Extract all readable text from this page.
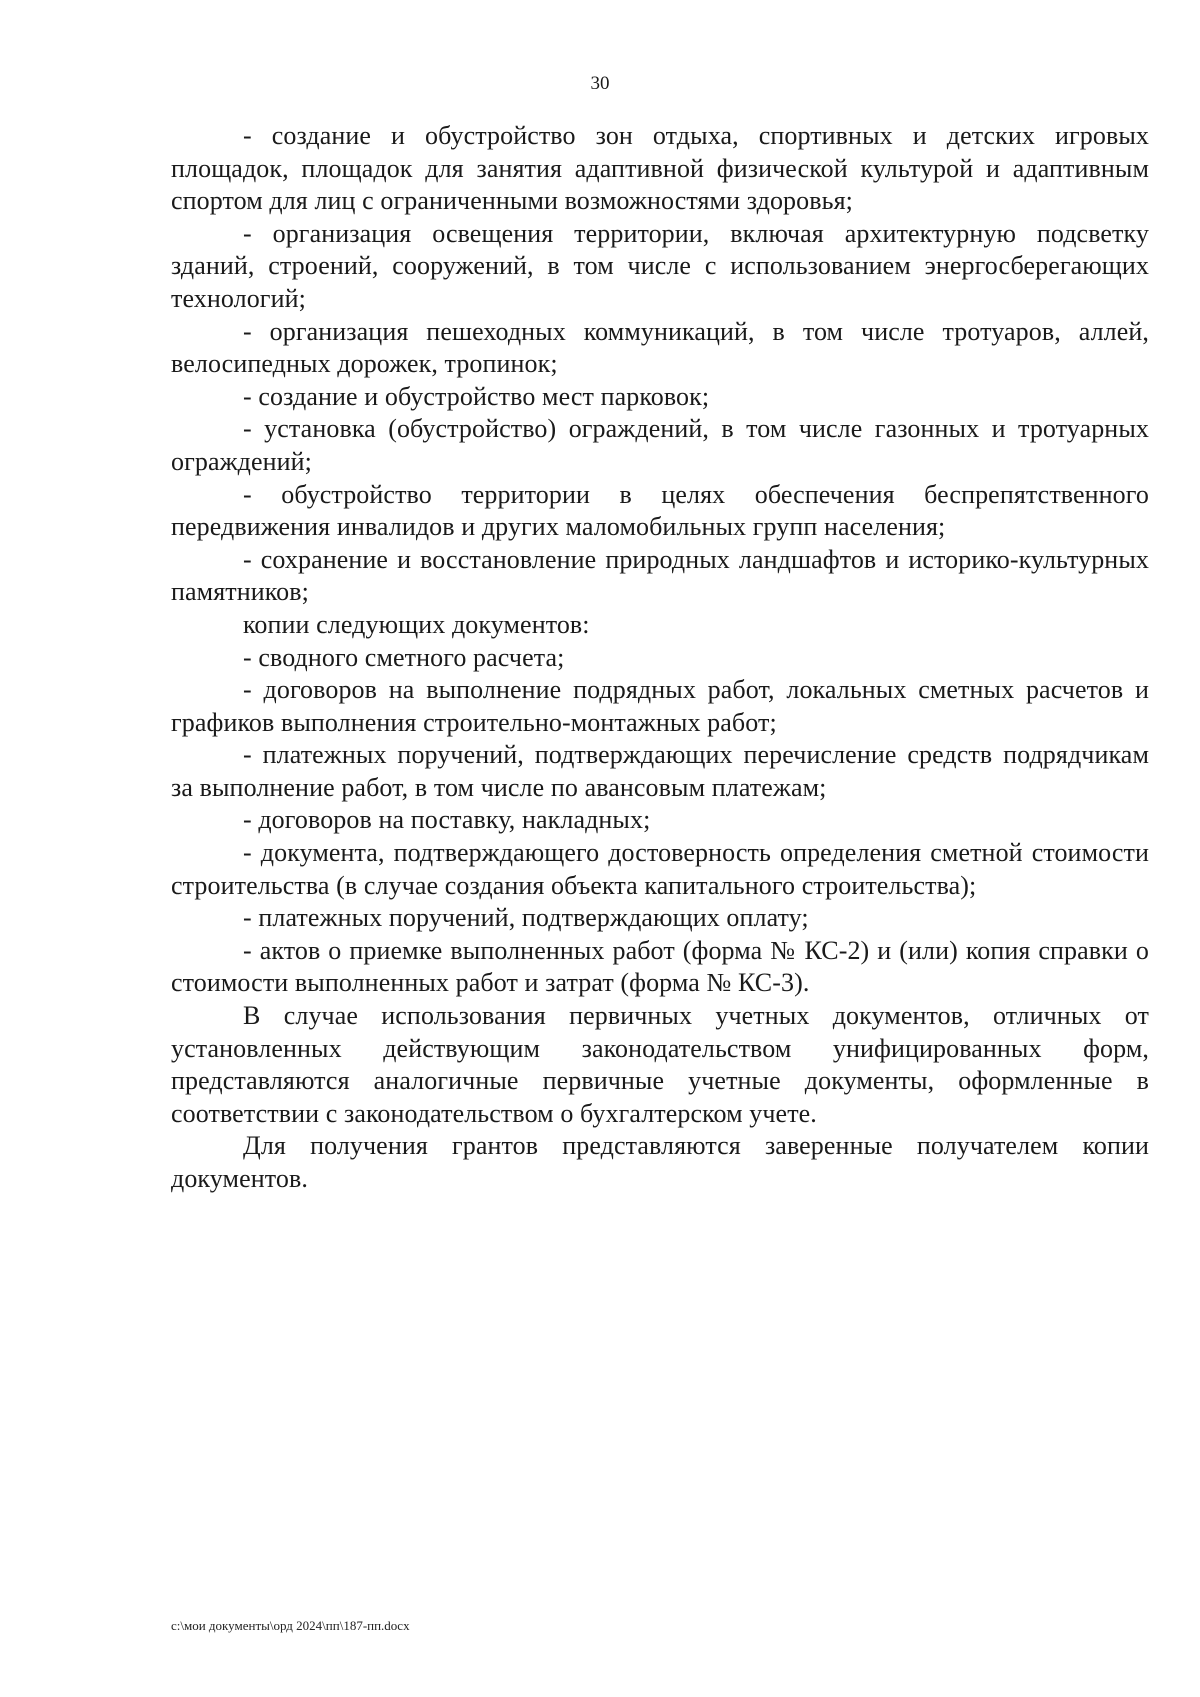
30

- создание и обустройство зон отдыха, спортивных и детских игровых площадок, площадок для занятия адаптивной физической культурой и адаптивным спортом для лиц с ограниченными возможностями здоровья;

- организация освещения территории, включая архитектурную подсветку зданий, строений, сооружений, в том числе с использованием энергосберегающих технологий;

- организация пешеходных коммуникаций, в том числе тротуаров, аллей, велосипедных дорожек, тропинок;

- создание и обустройство мест парковок;

- установка (обустройство) ограждений, в том числе газонных и тротуарных ограждений;

- обустройство территории в целях обеспечения беспрепятственного передвижения инвалидов и других маломобильных групп населения;

- сохранение и восстановление природных ландшафтов и историко-культурных памятников;

копии следующих документов:

- сводного сметного расчета;

- договоров на выполнение подрядных работ, локальных сметных расчетов и графиков выполнения строительно-монтажных работ;

- платежных поручений, подтверждающих перечисление средств подрядчикам за выполнение работ, в том числе по авансовым платежам;

- договоров на поставку, накладных;

- документа, подтверждающего достоверность определения сметной стоимости строительства (в случае создания объекта капитального строительства);

- платежных поручений, подтверждающих оплату;

- актов о приемке выполненных работ (форма № КС-2) и (или) копия справки о стоимости выполненных работ и затрат (форма № КС-3).

В случае использования первичных учетных документов, отличных от установленных действующим законодательством унифицированных форм, представляются аналогичные первичные учетные документы, оформленные в соответствии с законодательством о бухгалтерском учете.

Для получения грантов представляются заверенные получателем копии документов.

c:\мои документы\орд 2024\пп\187-пп.docx
